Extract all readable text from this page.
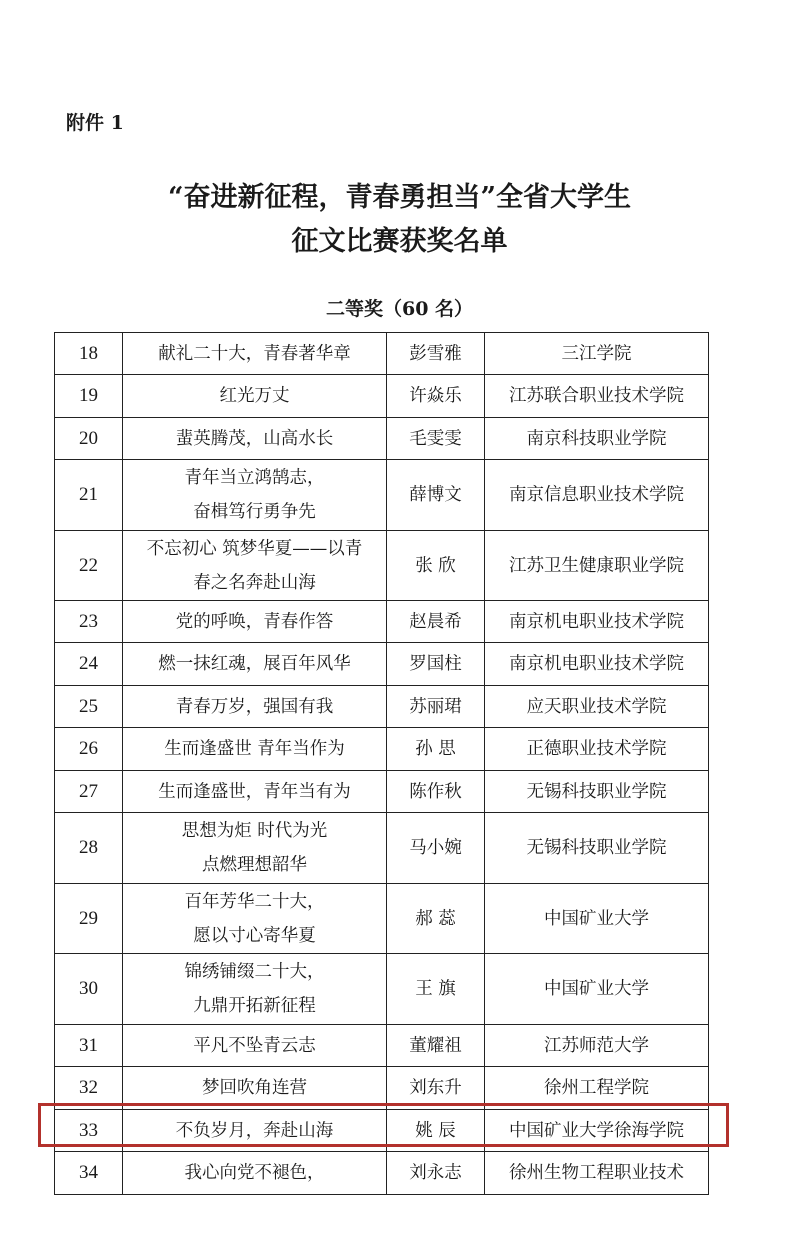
附件 1
“奋进新征程，青春勇担当”全省大学生
征文比赛获奖名单
二等奖（60 名）
18	献礼二十大，青春著华章	彭雪雅	三江学院
19	红光万丈	许焱乐	江苏联合职业技术学院
20	蜚英腾茂，山高水长	毛雯雯	南京科技职业学院
21	青年当立鸿鹄志，
奋楫笃行勇争先	薛博文	南京信息职业技术学院
22	不忘初心 筑梦华夏——以青
春之名奔赴山海	张 欣	江苏卫生健康职业学院
23	党的呼唤，青春作答	赵晨希	南京机电职业技术学院
24	燃一抹红魂，展百年风华	罗国柱	南京机电职业技术学院
25	青春万岁，强国有我	苏丽珺	应天职业技术学院
26	生而逢盛世 青年当作为	孙 思	正德职业技术学院
27	生而逢盛世，青年当有为	陈作秋	无锡科技职业学院
28	思想为炬 时代为光
点燃理想韶华	马小婉	无锡科技职业学院
29	百年芳华二十大，
愿以寸心寄华夏	郝 蕊	中国矿业大学
30	锦绣铺缀二十大，
九鼎开拓新征程	王 旗	中国矿业大学
31	平凡不坠青云志	董耀祖	江苏师范大学
32	梦回吹角连营	刘东升	徐州工程学院
33	不负岁月，奔赴山海	姚 辰	中国矿业大学徐海学院
34	我心向党不褪色，	刘永志	徐州生物工程职业技术
